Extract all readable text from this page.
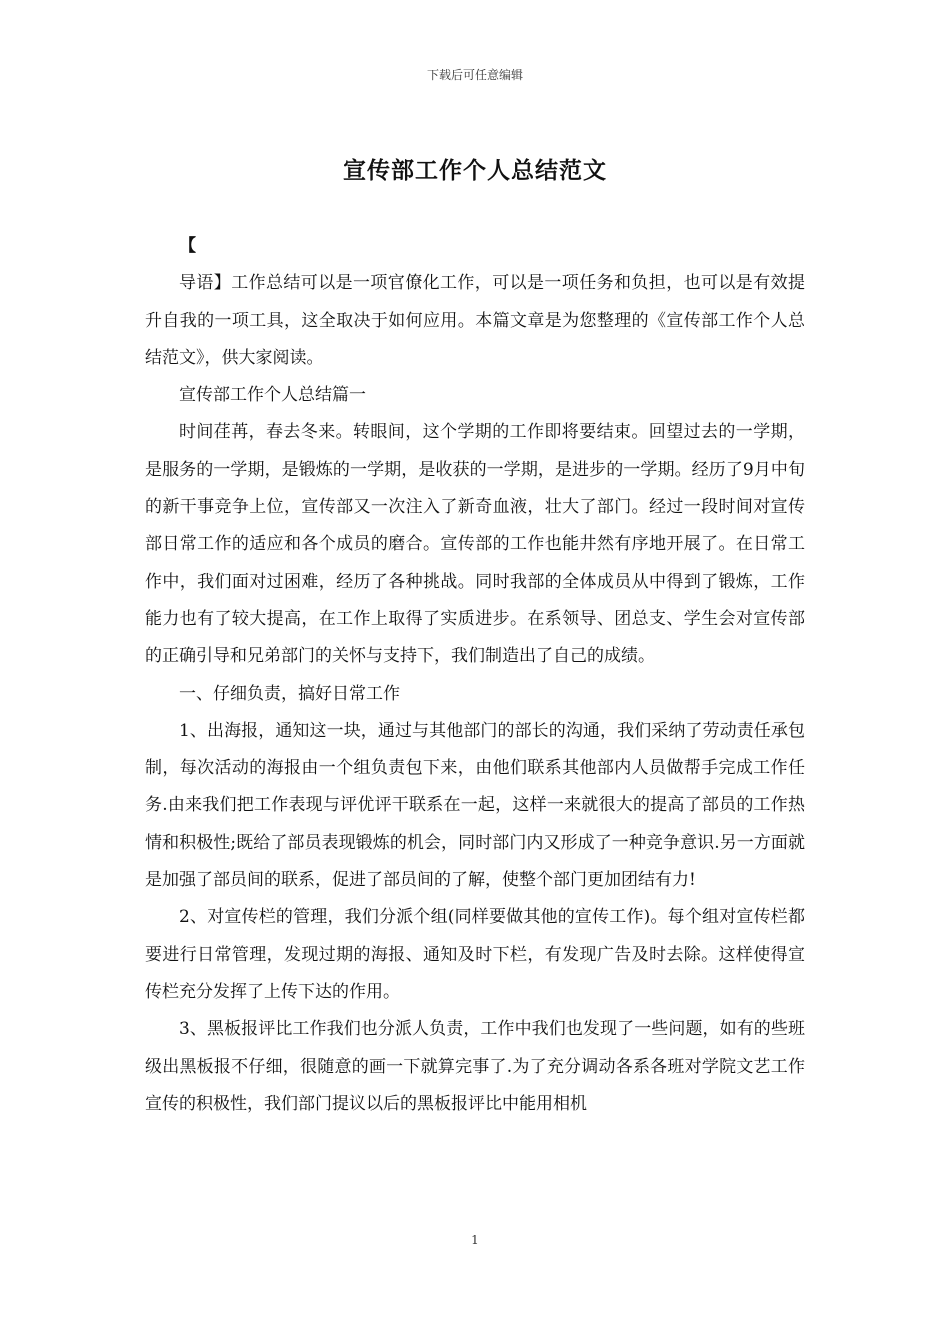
下载后可任意编辑
宣传部工作个人总结范文

【

导语】工作总结可以是一项官僚化工作，可以是一项任务和负担，也可以是有效提升自我的一项工具，这全取决于如何应用。本篇文章是为您整理的《宣传部工作个人总结范文》，供大家阅读。

宣传部工作个人总结篇一

时间荏苒，春去冬来。转眼间，这个学期的工作即将要结束。回望过去的一学期，是服务的一学期，是锻炼的一学期，是收获的一学期，是进步的一学期。经历了9月中旬的新干事竞争上位，宣传部又一次注入了新奇血液，壮大了部门。经过一段时间对宣传部日常工作的适应和各个成员的磨合。宣传部的工作也能井然有序地开展了。在日常工作中，我们面对过困难，经历了各种挑战。同时我部的全体成员从中得到了锻炼，工作能力也有了较大提高，在工作上取得了实质进步。在系领导、团总支、学生会对宣传部的正确引导和兄弟部门的关怀与支持下，我们制造出了自己的成绩。

一、仔细负责，搞好日常工作

1、出海报，通知这一块，通过与其他部门的部长的沟通，我们采纳了劳动责任承包制，每次活动的海报由一个组负责包下来，由他们联系其他部内人员做帮手完成工作任务.由来我们把工作表现与评优评干联系在一起，这样一来就很大的提高了部员的工作热情和积极性;既给了部员表现锻炼的机会，同时部门内又形成了一种竞争意识.另一方面就是加强了部员间的联系，促进了部员间的了解，使整个部门更加团结有力!

2、对宣传栏的管理，我们分派个组(同样要做其他的宣传工作)。每个组对宣传栏都要进行日常管理，发现过期的海报、通知及时下栏，有发现广告及时去除。这样使得宣传栏充分发挥了上传下达的作用。

3、黑板报评比工作我们也分派人负责，工作中我们也发现了一些问题，如有的些班级出黑板报不仔细，很随意的画一下就算完事了.为了充分调动各系各班对学院文艺工作宣传的积极性，我们部门提议以后的黑板报评比中能用相机

1
